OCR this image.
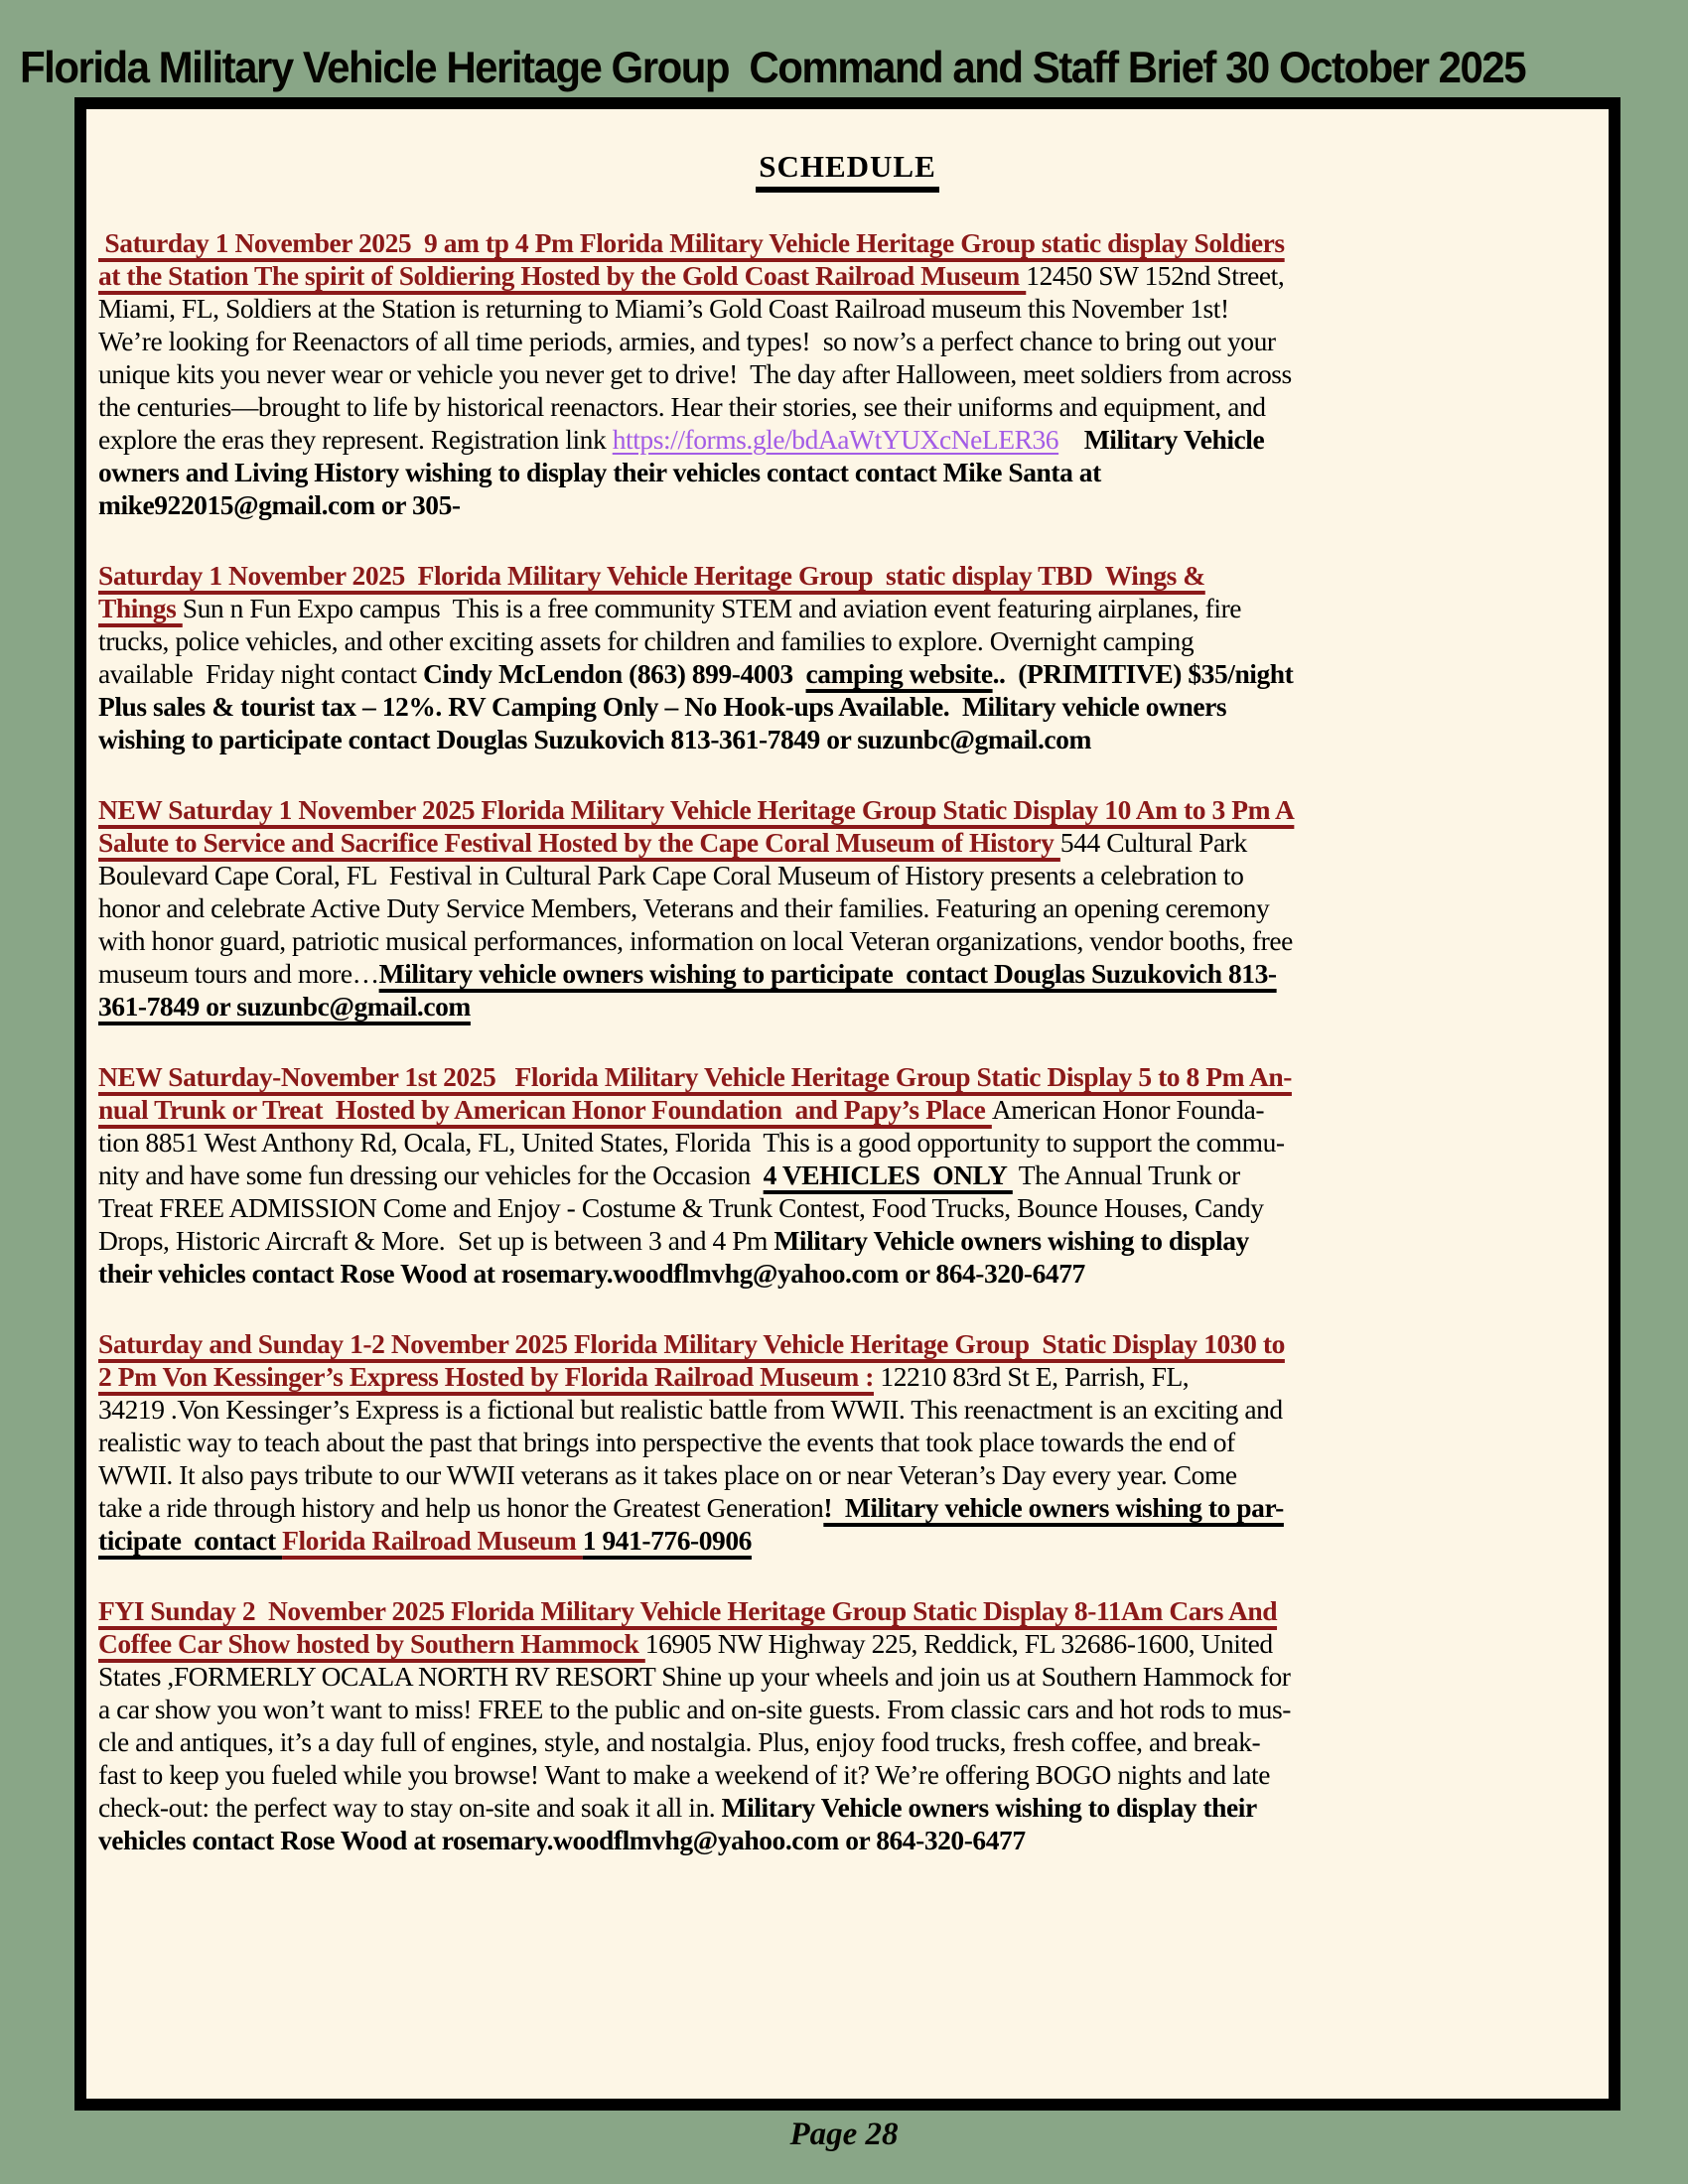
Florida Military Vehicle Heritage Group  Command and Staff Brief 30 October 2025
SCHEDULE
Saturday 1 November 2025  9 am tp 4 Pm Florida Military Vehicle Heritage Group static display Soldiers
at the Station The spirit of Soldiering Hosted by the Gold Coast Railroad Museum 12450 SW 152nd Street,
Miami, FL, Soldiers at the Station is returning to Miami’s Gold Coast Railroad museum this November 1st!
We’re looking for Reenactors of all time periods, armies, and types!  so now’s a perfect chance to bring out your
unique kits you never wear or vehicle you never get to drive!  The day after Halloween, meet soldiers from across
the centuries—brought to life by historical reenactors. Hear their stories, see their uniforms and equipment, and
explore the eras they represent. Registration link https://forms.gle/bdAaWtYUXcNeLER36 Military Vehicle
owners and Living History wishing to display their vehicles contact contact Mike Santa at
mike922015@gmail.com or 305-
Saturday 1 November 2025  Florida Military Vehicle Heritage Group  static display TBD  Wings &
Things Sun n Fun Expo campus  This is a free community STEM and aviation event featuring airplanes, fire
trucks, police vehicles, and other exciting assets for children and families to explore. Overnight camping
available  Friday night contact Cindy McLendon (863) 899-4003  camping website..  (PRIMITIVE) $35/night
Plus sales & tourist tax – 12%. RV Camping Only – No Hook-ups Available.  Military vehicle owners
wishing to participate contact Douglas Suzukovich 813-361-7849 or suzunbc@gmail.com
NEW Saturday 1 November 2025 Florida Military Vehicle Heritage Group Static Display 10 Am to 3 Pm A
Salute to Service and Sacrifice Festival Hosted by the Cape Coral Museum of History 544 Cultural Park
Boulevard Cape Coral, FL  Festival in Cultural Park Cape Coral Museum of History presents a celebration to
honor and celebrate Active Duty Service Members, Veterans and their families. Featuring an opening ceremony
with honor guard, patriotic musical performances, information on local Veteran organizations, vendor booths, free
museum tours and more…Military vehicle owners wishing to participate  contact Douglas Suzukovich 813-
361-7849 or suzunbc@gmail.com
NEW Saturday-November 1st 2025   Florida Military Vehicle Heritage Group Static Display 5 to 8 Pm An-
nual Trunk or Treat  Hosted by American Honor Foundation  and Papy’s Place American Honor Founda-
tion 8851 West Anthony Rd, Ocala, FL, United States, Florida  This is a good opportunity to support the commu-
nity and have some fun dressing our vehicles for the Occasion  4 VEHICLES  ONLY  The Annual Trunk or
Treat FREE ADMISSION Come and Enjoy - Costume & Trunk Contest, Food Trucks, Bounce Houses, Candy
Drops, Historic Aircraft & More.  Set up is between 3 and 4 Pm Military Vehicle owners wishing to display
their vehicles contact Rose Wood at rosemary.woodflmvhg@yahoo.com or 864-320-6477
Saturday and Sunday 1-2 November 2025 Florida Military Vehicle Heritage Group  Static Display 1030 to
2 Pm Von Kessinger’s Express Hosted by Florida Railroad Museum : 12210 83rd St E, Parrish, FL,
34219 .Von Kessinger’s Express is a fictional but realistic battle from WWII. This reenactment is an exciting and
realistic way to teach about the past that brings into perspective the events that took place towards the end of
WWII. It also pays tribute to our WWII veterans as it takes place on or near Veteran’s Day every year. Come
take a ride through history and help us honor the Greatest Generation!  Military vehicle owners wishing to par-
ticipate  contact Florida Railroad Museum 1 941-776-0906
FYI Sunday 2  November 2025 Florida Military Vehicle Heritage Group Static Display 8-11Am Cars And
Coffee Car Show hosted by Southern Hammock 16905 NW Highway 225, Reddick, FL 32686-1600, United
States ,FORMERLY OCALA NORTH RV RESORT Shine up your wheels and join us at Southern Hammock for
a car show you won’t want to miss! FREE to the public and on-site guests. From classic cars and hot rods to mus-
cle and antiques, it’s a day full of engines, style, and nostalgia. Plus, enjoy food trucks, fresh coffee, and break-
fast to keep you fueled while you browse! Want to make a weekend of it? We’re offering BOGO nights and late
check-out: the perfect way to stay on-site and soak it all in. Military Vehicle owners wishing to display their
vehicles contact Rose Wood at rosemary.woodflmvhg@yahoo.com or 864-320-6477
Page 28
